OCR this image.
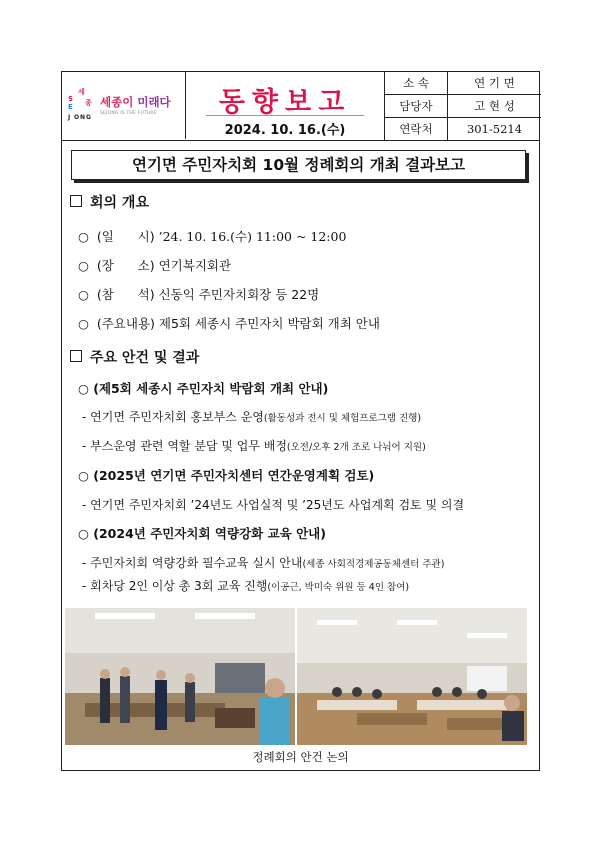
세
종
S
E
J O N G
세종이 미래다
SEJONG IS THE FUTURE	동향보고
2024. 10. 16.(수)
소 속	연 기 면
담당자	고 현 성
연락처	301-5214
연기면 주민자치회 10월 정례회의 개최 결과보고
회의 개요
○  (일      시) ’24. 10. 16.(수) 11:00 ~ 12:00
○  (장      소) 연기복지회관
○  (참      석) 신동익 주민자치회장 등 22명
○  (주요내용) 제5회 세종시 주민자치 박람회 개최 안내
주요 안건 및 결과
○ (제5회 세종시 주민자치 박람회 개최 안내)
- 연기면 주민자치회 홍보부스 운영(활동성과 전시 및 체험프로그램 진행)
- 부스운영 관련 역할 분담 및 업무 배정(오전/오후 2개 조로 나눠어 지원)
○ (2025년 연기면 주민자치센터 연간운영계획 검토)
- 연기면 주민자치회 ’24년도 사업실적 및 ’25년도 사업계획 검토 및 의결
○ (2024년 주민자치회 역량강화 교육 안내)
- 주민자치회 역량강화 필수교육 실시 안내(세종 사회적경제공동체센터 주관)
- 회차당 2인 이상 총 3회 교육 진행(이공근, 박미숙 위원 등 4인 참여)
정례회의 안건 논의
